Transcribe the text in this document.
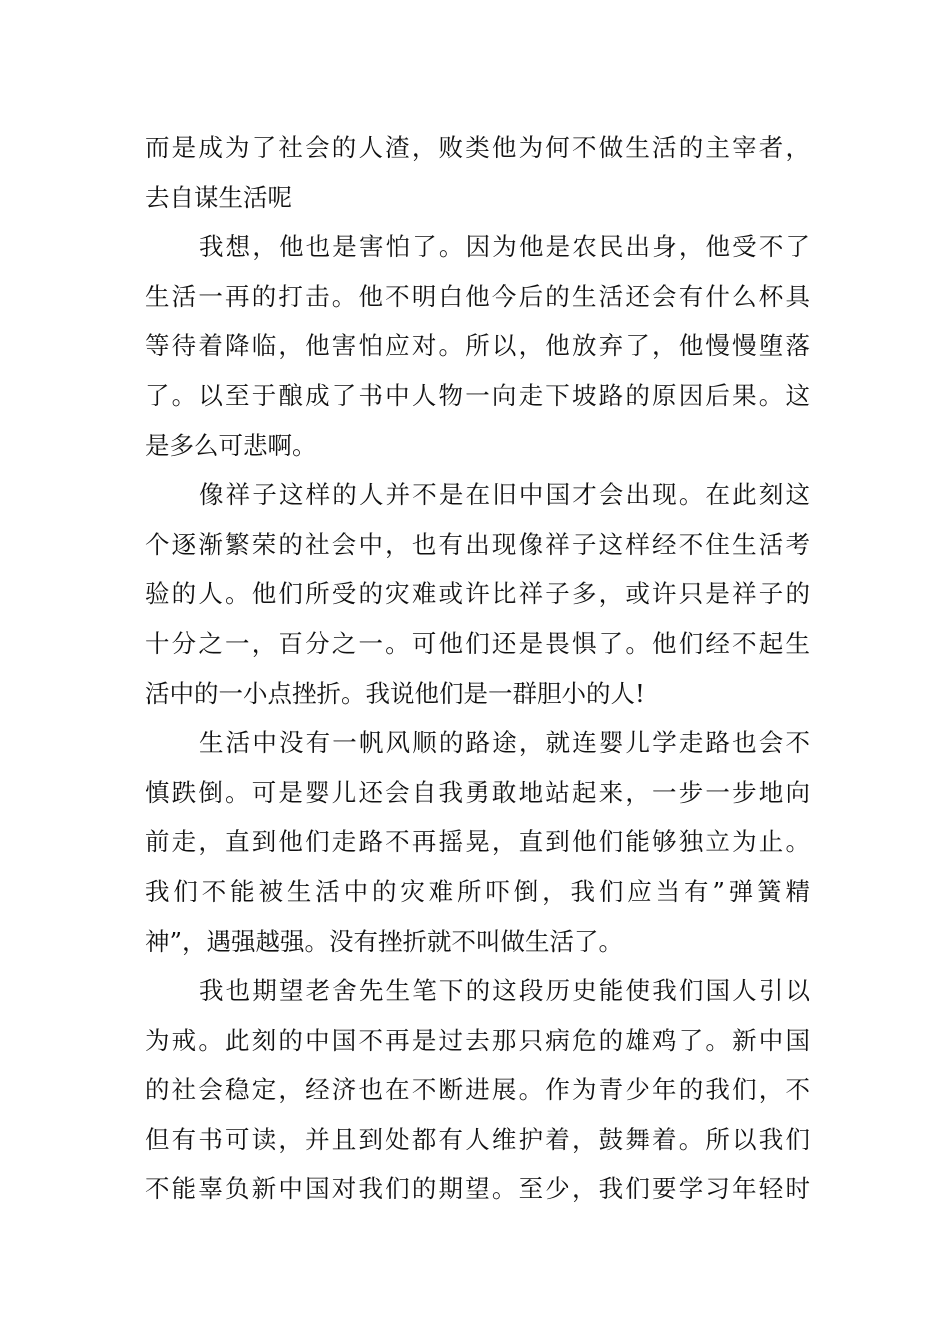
而是成为了社会的人渣，败类他为何不做生活的主宰者，
去自谋生活呢
我想，他也是害怕了。因为他是农民出身，他受不了
生活一再的打击。他不明白他今后的生活还会有什么杯具
等待着降临，他害怕应对。所以，他放弃了，他慢慢堕落
了。以至于酿成了书中人物一向走下坡路的原因后果。这
是多么可悲啊。
像祥子这样的人并不是在旧中国才会出现。在此刻这
个逐渐繁荣的社会中，也有出现像祥子这样经不住生活考
验的人。他们所受的灾难或许比祥子多，或许只是祥子的
十分之一，百分之一。可他们还是畏惧了。他们经不起生
活中的一小点挫折。我说他们是一群胆小的人!
生活中没有一帆风顺的路途，就连婴儿学走路也会不
慎跌倒。可是婴儿还会自我勇敢地站起来，一步一步地向
前走，直到他们走路不再摇晃，直到他们能够独立为止。
我们不能被生活中的灾难所吓倒，我们应当有”弹簧精
神”，遇强越强。没有挫折就不叫做生活了。
我也期望老舍先生笔下的这段历史能使我们国人引以
为戒。此刻的中国不再是过去那只病危的雄鸡了。新中国
的社会稳定，经济也在不断进展。作为青少年的我们，不
但有书可读，并且到处都有人维护着，鼓舞着。所以我们
不能辜负新中国对我们的期望。至少，我们要学习年轻时
